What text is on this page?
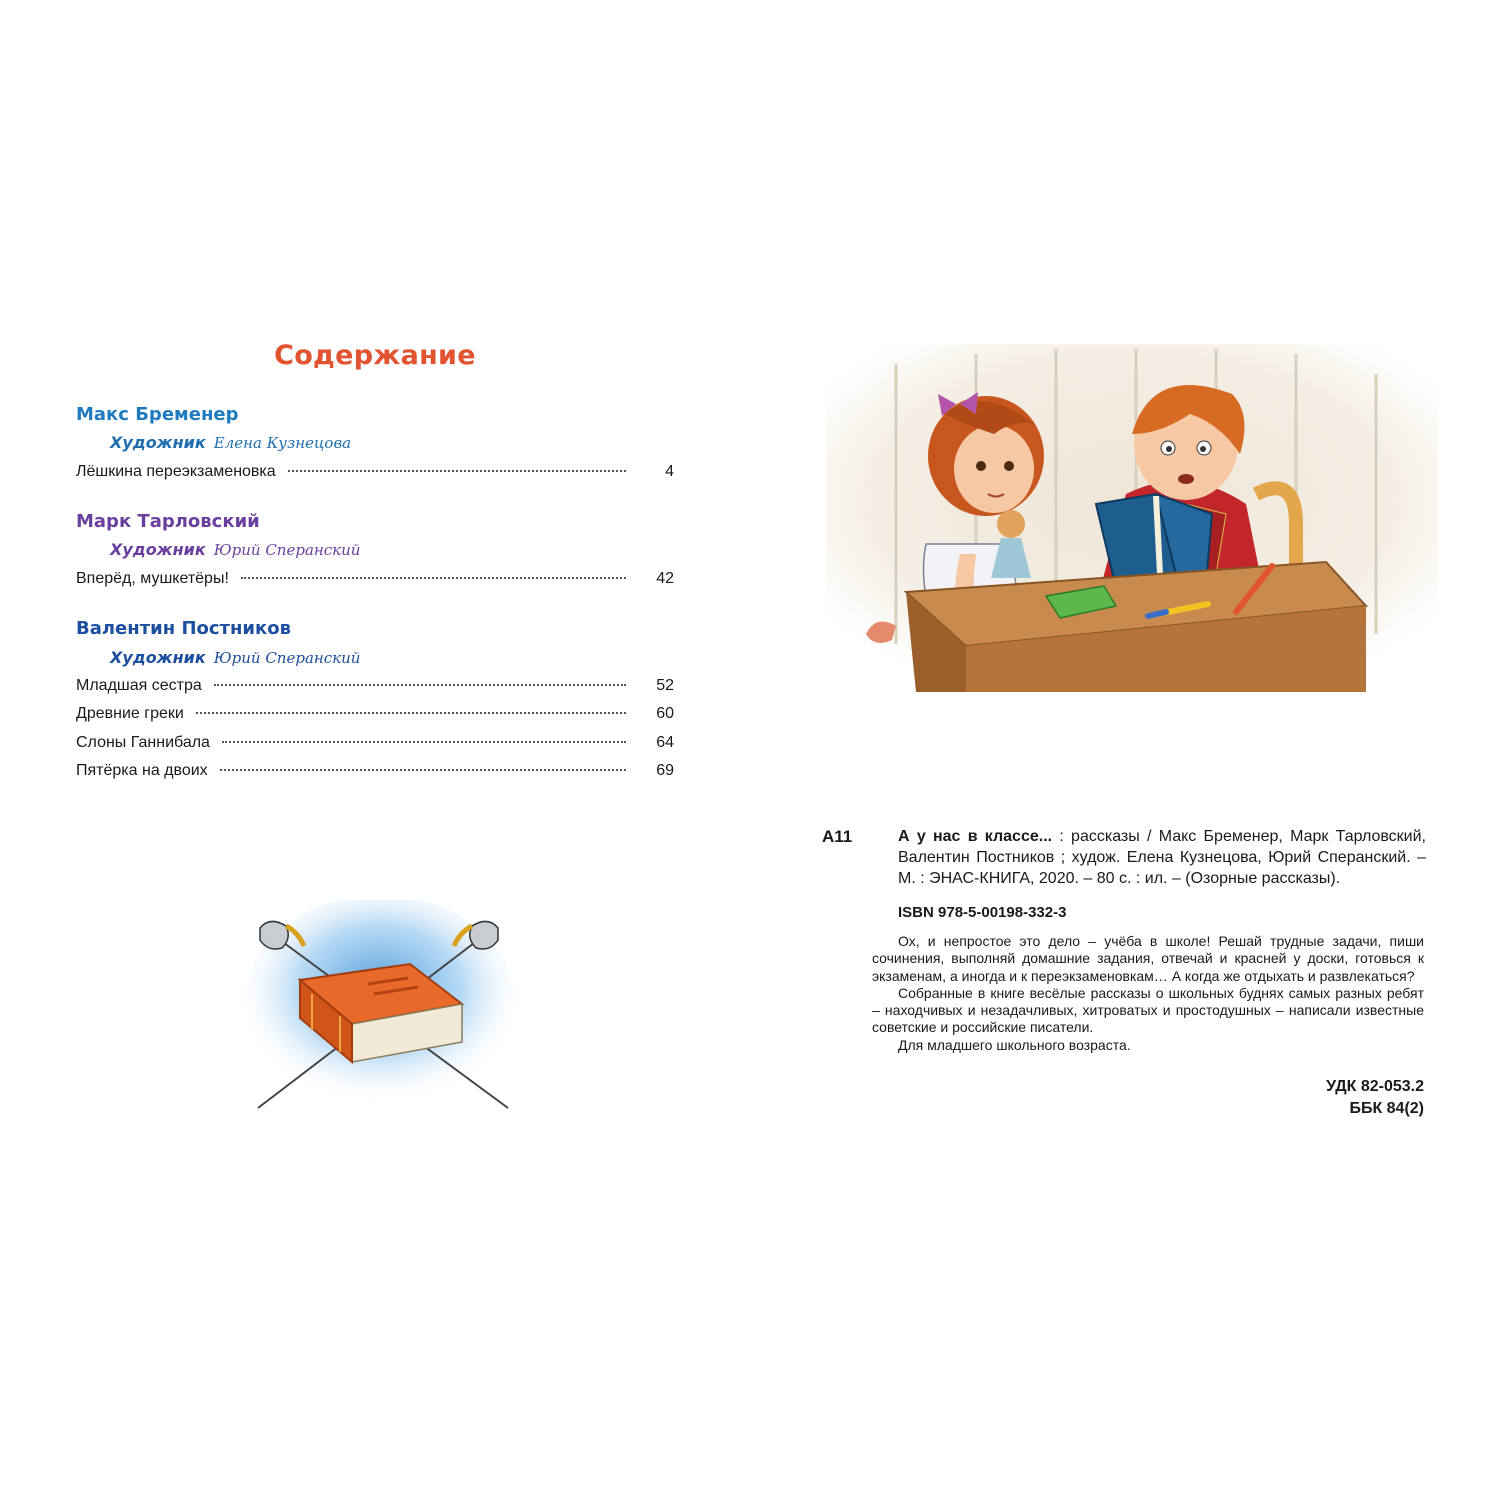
Содержание
Макс Бременер
Художник Елена Кузнецова
Лёшкина переэкзаменовка	4
Марк Тарловский
Художник Юрий Сперанский
Вперёд, мушкетёры!	42
Валентин Постников
Художник Юрий Сперанский
Младшая сестра	52
Древние греки	60
Слоны Ганнибала	64
Пятёрка на двоих	69
А11	А у нас в классе... : рассказы / Макс Бременер, Марк Тарловский, Валентин Постников ; худож. Елена Кузнецова, Юрий Сперанский. – М. : ЭНАС-КНИГА, 2020. – 80 с. : ил. – (Озорные рассказы).
ISBN 978-5-00198-332-3

Ох, и непростое это дело – учёба в школе! Решай трудные задачи, пиши сочинения, выполняй домашние задания, отвечай и красней у доски, готовься к экзаменам, а иногда и к переэкзаменовкам… А когда же отдыхать и развлекаться?

Собранные в книге весёлые рассказы о школьных буднях самых разных ребят – находчивых и незадачливых, хитроватых и простодушных – написали известные советские и российские писатели.

Для младшего школьного возраста.

УДК 82-053.2
ББК 84(2)
